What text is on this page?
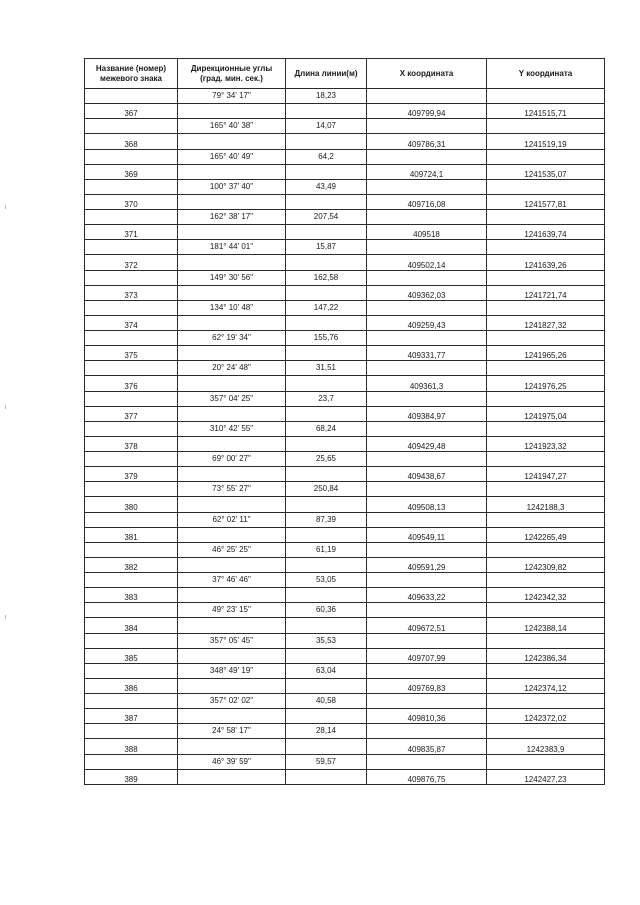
Название (номер)
межевого знака	Дирекционные углы
(град. мин. сек.)	Длина линии(м)	X координата	Y координата
	79° 34' 17"	18,23		
367			409799,94	1241515,71
	165° 40' 38"	14,07		
368			409786,31	1241519,19
	165° 40' 49"	64,2		
369			409724,1	1241535,07
	100° 37' 40"	43,49		
370			409716,08	1241577,81
	162° 38' 17"	207,54		
371			409518	1241639,74
	181° 44' 01"	15,87		
372			409502,14	1241639,26
	149° 30' 56"	162,58		
373			409362,03	1241721,74
	134° 10' 48"	147,22		
374			409259,43	1241827,32
	62° 19' 34"	155,76		
375			409331,77	1241965,26
	20° 24' 48"	31,51		
376			409361,3	1241976,25
	357° 04' 25"	23,7		
377			409384,97	1241975,04
	310° 42' 55"	68,24		
378			409429,48	1241923,32
	69° 00' 27"	25,65		
379			409438,67	1241947,27
	73° 55' 27"	250,84		
380			409508,13	1242188,3
	62° 02' 11"	87,39		
381			409549,11	1242265,49
	46° 25' 25"	61,19		
382			409591,29	1242309,82
	37° 46' 46"	53,05		
383			409633,22	1242342,32
	49° 23' 15"	60,36		
384			409672,51	1242388,14
	357° 05' 45"	35,53		
385			409707,99	1242386,34
	348° 49' 19"	63,04		
386			409769,83	1242374,12
	357° 02' 02"	40,58		
387			409810,36	1242372,02
	24° 58' 17"	28,14		
388			409835,87	1242383,9
	46° 39' 59"	59,57		
389			409876,75	1242427,23
